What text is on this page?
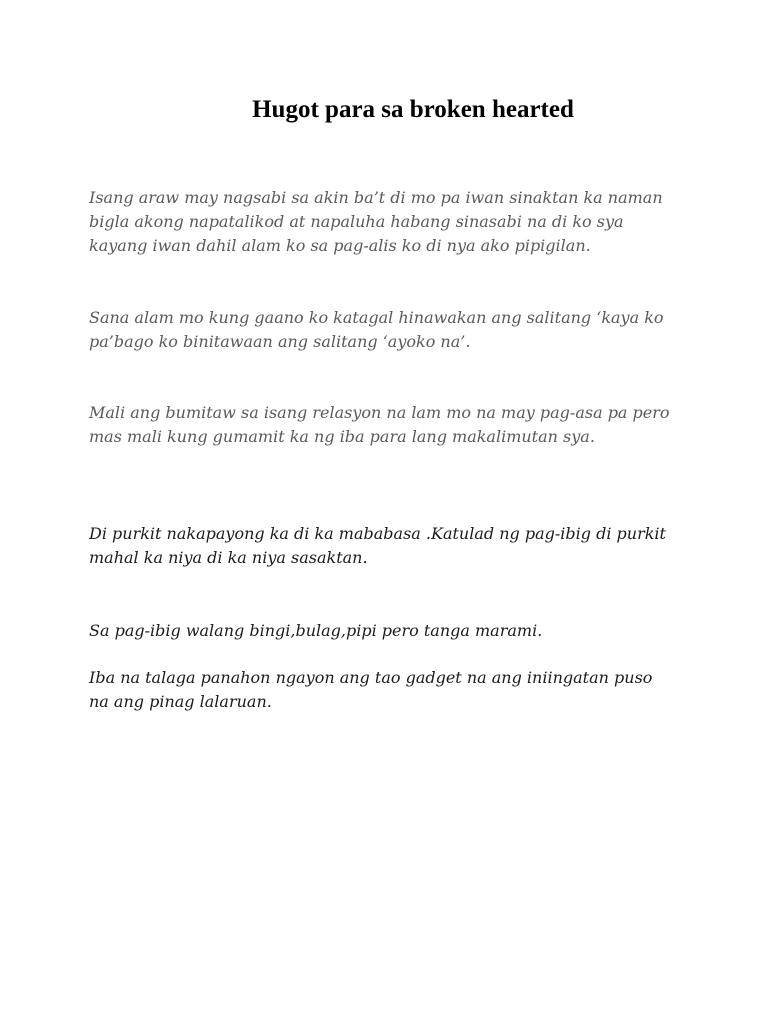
Hugot para sa broken hearted

Isang araw may nagsabi sa akin ba’t di mo pa iwan sinaktan ka naman
bigla akong napatalikod at napaluha habang sinasabi na di ko sya
kayang iwan dahil alam ko sa pag-alis ko di nya ako pipigilan.

Sana alam mo kung gaano ko katagal hinawakan ang salitang ‘kaya ko
pa’bago ko binitawaan ang salitang ‘ayoko na’.

Mali ang bumitaw sa isang relasyon na lam mo na may pag-asa pa pero
mas mali kung gumamit ka ng iba para lang makalimutan sya.

Di purkit nakapayong ka di ka mababasa .Katulad ng pag-ibig di purkit
mahal ka niya di ka niya sasaktan.

Sa pag-ibig walang bingi,bulag,pipi pero tanga marami.

Iba na talaga panahon ngayon ang tao gadget na ang iniingatan puso
na ang pinag lalaruan.
